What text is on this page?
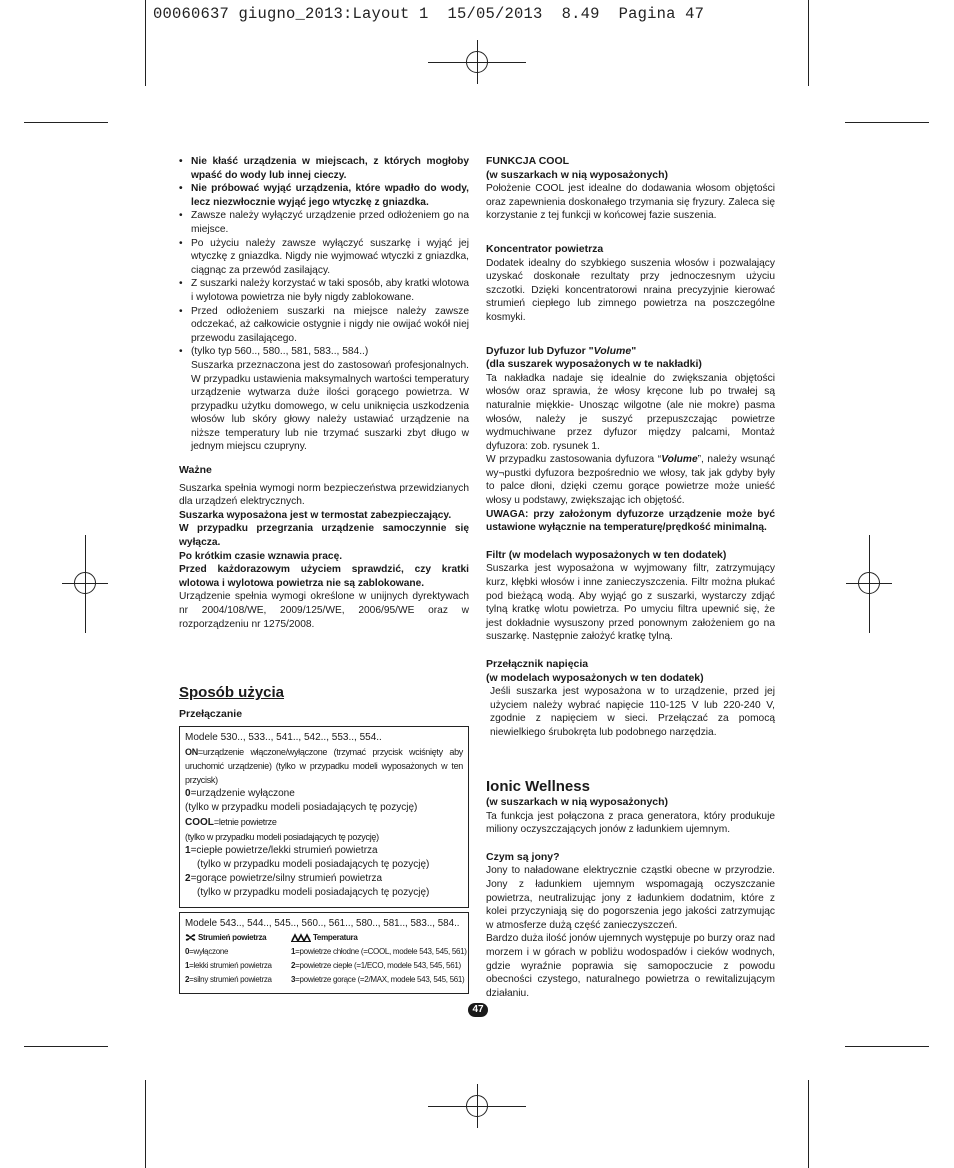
00060637 giugno_2013:Layout 1  15/05/2013  8.49  Pagina 47
• Nie kłaść urządzenia w miejscach, z których mogłoby wpaść do wody lub innej cieczy.
• Nie próbować wyjąć urządzenia, które wpadło do wody, lecz niezwłocznie wyjąć jego wtyczkę z gniazdka.
• Zawsze należy wyłączyć urządzenie przed odłożeniem go na miejsce.
• Po użyciu należy zawsze wyłączyć suszarkę i wyjąć jej wtyczkę z gniazdka. Nigdy nie wyjmować wtyczki z gniazdka, ciągnąc za przewód zasilający.
• Z suszarki należy korzystać w taki sposób, aby kratki wlotowa i wylotowa powietrza nie były nigdy zablokowane.
• Przed odłożeniem suszarki na miejsce należy zawsze odczekać, aż całkowicie ostygnie i nigdy nie owijać wokół niej przewodu zasilającego.
• (tylko typ 560.., 580.., 581, 583.., 584..)

Suszarka przeznaczona jest do zastosowań profesjonalnych. W przypadku ustawienia maksymalnych wartości temperatury urządzenie wytwarza duże ilości gorącego powietrza. W przypadku użytku domowego, w celu uniknięcia uszkodzenia włosów lub skóry głowy należy ustawiać urządzenie na niższe temperatury lub nie trzymać suszarki zbyt długo w jednym miejscu czupryny.

Ważne

Suszarka spełnia wymogi norm bezpieczeństwa przewidzianych dla urządzeń elektrycznych.

Suszarka wyposażona jest w termostat zabezpieczający.

W przypadku przegrzania urządzenie samoczynnie się wyłącza.

Po krótkim czasie wznawia pracę.

Przed każdorazowym użyciem sprawdzić, czy kratki wlotowa i wylotowa powietrza nie są zablokowane.

Urządzenie spełnia wymogi określone w unijnych dyrektywach nr 2004/108/WE, 2009/125/WE, 2006/95/WE oraz w rozporządzeniu nr 1275/2008.

Sposób użycia
Przełączanie
Modele 530.., 533.., 541.., 542.., 553.., 554..
ON=urządzenie włączone/wyłączone (trzymać przycisk wciśnięty aby uruchomić urządzenie) (tylko w przypadku modeli wyposażonych w ten przycisk)
0=urządzenie wyłączone
(tylko w przypadku modeli posiadających tę pozycję)
COOL=letnie powietrze
(tylko w przypadku modeli posiadających tę pozycję)
1=ciepłe powietrze/lekki strumień powietrza
(tylko w przypadku modeli posiadających tę pozycję)
2=gorące powietrze/silny strumień powietrza
(tylko w przypadku modeli posiadających tę pozycję)
Modele 543.., 544.., 545.., 560.., 561.., 580.., 581.., 583.., 584..
Strumień powietrza
0=wyłączone
1=lekki strumień powietrza
2=silny strumień powietrza
Temperatura
1=powietrze chłodne (=COOL, modele 543, 545, 561)
2=powietrze ciepłe (=1/ECO, modele 543, 545, 561)
3=powietrze gorące (=2/MAX, modele 543, 545, 561)

FUNKCJA COOL

(w suszarkach w nią wyposażonych)

Położenie COOL jest idealne do dodawania włosom objętości oraz zapewnienia doskonałego trzymania się fryzury. Zaleca się korzystanie z tej funkcji w końcowej fazie suszenia.

Koncentrator powietrza

Dodatek idealny do szybkiego suszenia włosów i pozwalający uzyskać doskonałe rezultaty przy jednoczesnym użyciu szczotki. Dzięki koncentratorowi nraina precyzyjnie kierować strumień ciepłego lub zimnego powietrza na poszczególne kosmyki.

Dyfuzor lub Dyfuzor "Volume"

(dla suszarek wyposażonych w te nakładki)

Ta nakładka nadaje się idealnie do zwiększania objętości włosów oraz sprawia, że włosy kręcone lub po trwałej są naturalnie miękkie- Unosząc wilgotne (ale nie mokre) pasma włosów, należy je suszyć przepuszczając powietrze wydmuchiwane przez dyfuzor między palcami, Montaż dyfuzora: zob. rysunek 1.

W przypadku zastosowania dyfuzora “Volume”, należy wsunąć wy¬pustki dyfuzora bezpośrednio we włosy, tak jak gdyby były to palce dłoni, dzięki czemu gorące powietrze może unieść włosy u podstawy, zwiększając ich objętość.

UWAGA: przy założonym dyfuzorze urządzenie może być ustawione wyłącznie na temperaturę/prędkość minimalną.

Filtr (w modelach wyposażonych w ten dodatek)

Suszarka jest wyposażona w wyjmowany filtr, zatrzymujący kurz, kłębki włosów i inne zanieczyszczenia. Filtr można płukać pod bieżącą wodą. Aby wyjąć go z suszarki, wystarczy zdjąć tylną kratkę wlotu powietrza. Po umyciu filtra upewnić się, że jest dokładnie wysuszony przed ponownym założeniem go na suszarkę. Następnie założyć kratkę tylną.

Przełącznik napięcia

(w modelach wyposażonych w ten dodatek)

Jeśli suszarka jest wyposażona w to urządzenie, przed jej użyciem należy wybrać napięcie 110-125 V lub 220-240 V, zgodnie z napięciem w sieci. Przełączać za pomocą niewielkiego śrubokręta lub podobnego narzędzia.

Ionic Wellness

(w suszarkach w nią wyposażonych)

Ta funkcja jest połączona z praca generatora, który produkuje miliony oczyszczających jonów z ładunkiem ujemnym.

Czym są jony?

Jony to naładowane elektrycznie cząstki obecne w przyrodzie. Jony z ładunkiem ujemnym wspomagają oczyszczanie powietrza, neutralizując jony z ładunkiem dodatnim, które z kolei przyczyniają się do pogorszenia jego jakości zatrzymując w atmosferze dużą część zanieczyszczeń.

Bardzo duża ilość jonów ujemnych występuje po burzy oraz nad morzem i w górach w pobliżu wodospadów i cieków wodnych, gdzie wyraźnie poprawia się samopoczucie z powodu obecności czystego, naturalnego powietrza o rewitalizującym działaniu.

47
